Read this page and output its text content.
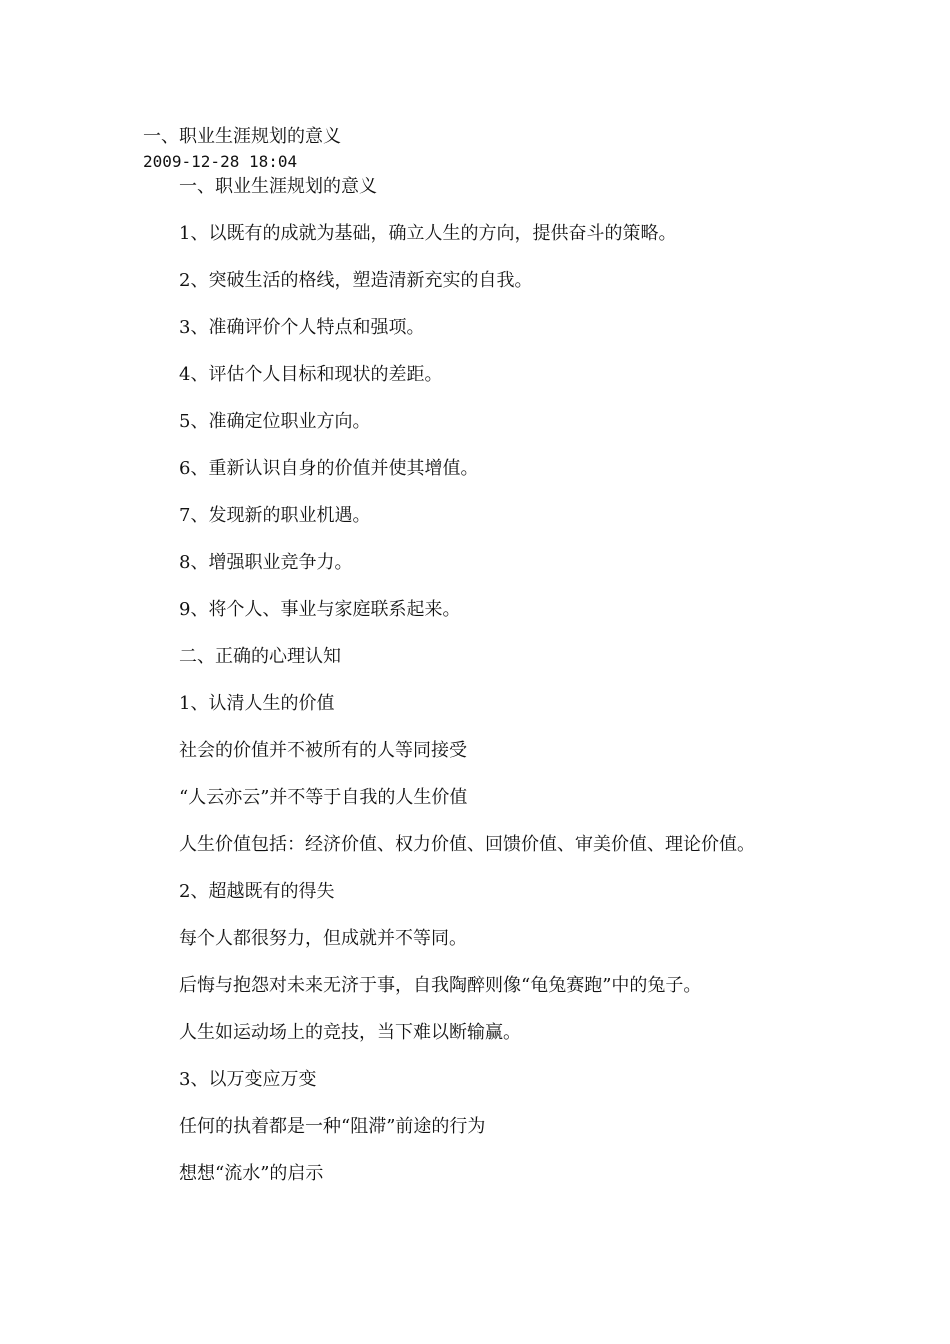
一、职业生涯规划的意义

2009-12-28 18:04

一、职业生涯规划的意义

1、以既有的成就为基础，确立人生的方向，提供奋斗的策略。

2、突破生活的格线，塑造清新充实的自我。

3、准确评价个人特点和强项。

4、评估个人目标和现状的差距。

5、准确定位职业方向。

6、重新认识自身的价值并使其增值。

7、发现新的职业机遇。

8、增强职业竞争力。

9、将个人、事业与家庭联系起来。

二、正确的心理认知

1、认清人生的价值

社会的价值并不被所有的人等同接受

“人云亦云”并不等于自我的人生价值

人生价值包括：经济价值、权力价值、回馈价值、审美价值、理论价值。

2、超越既有的得失

每个人都很努力，但成就并不等同。

后悔与抱怨对未来无济于事，自我陶醉则像“龟兔赛跑”中的兔子。

人生如运动场上的竞技，当下难以断输赢。

3、以万变应万变

任何的执着都是一种“阻滞”前途的行为

想想“流水”的启示
